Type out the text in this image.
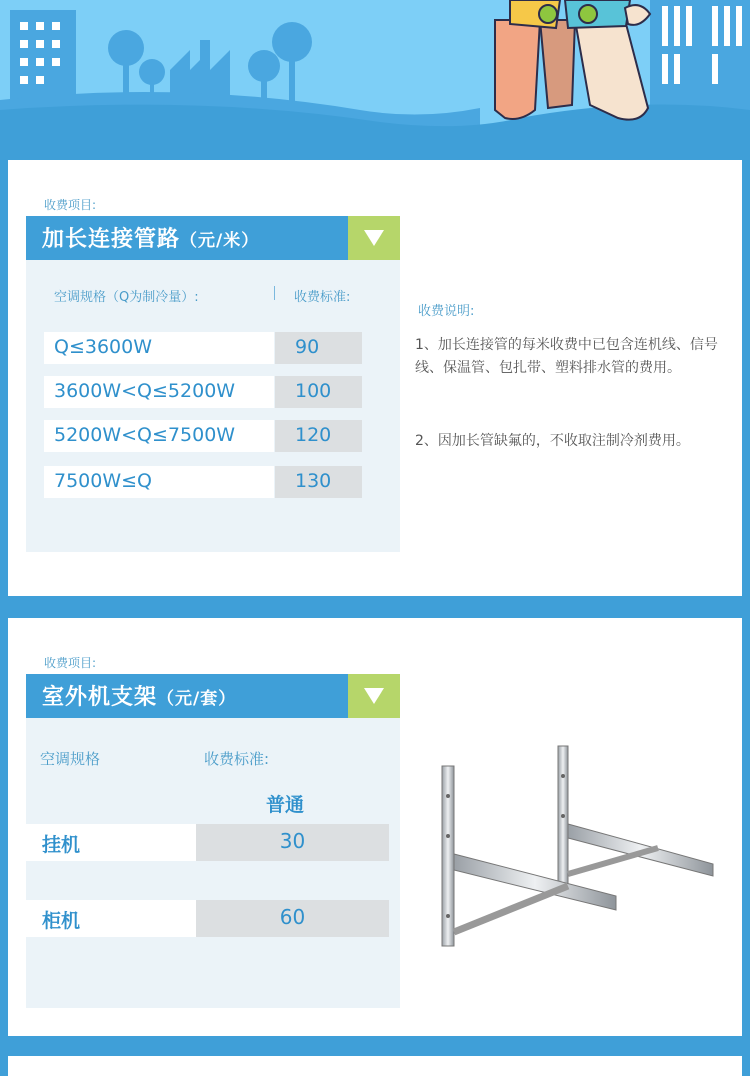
收费项目:
加长连接管路（元/米）
空调规格（Q为制冷量）:	收费标准:
Q≤3600W	90
3600W<Q≤5200W	100
5200W<Q≤7500W	120
7500W≤Q	130
收费说明:
1、加长连接管的每米收费中已包含连机线、信号线、保温管、包扎带、塑料排水管的费用。
2、因加长管缺氟的，不收取注制冷剂费用。
收费项目:
室外机支架（元/套）
空调规格	收费标准:
普通
挂机	30
柜机	60
